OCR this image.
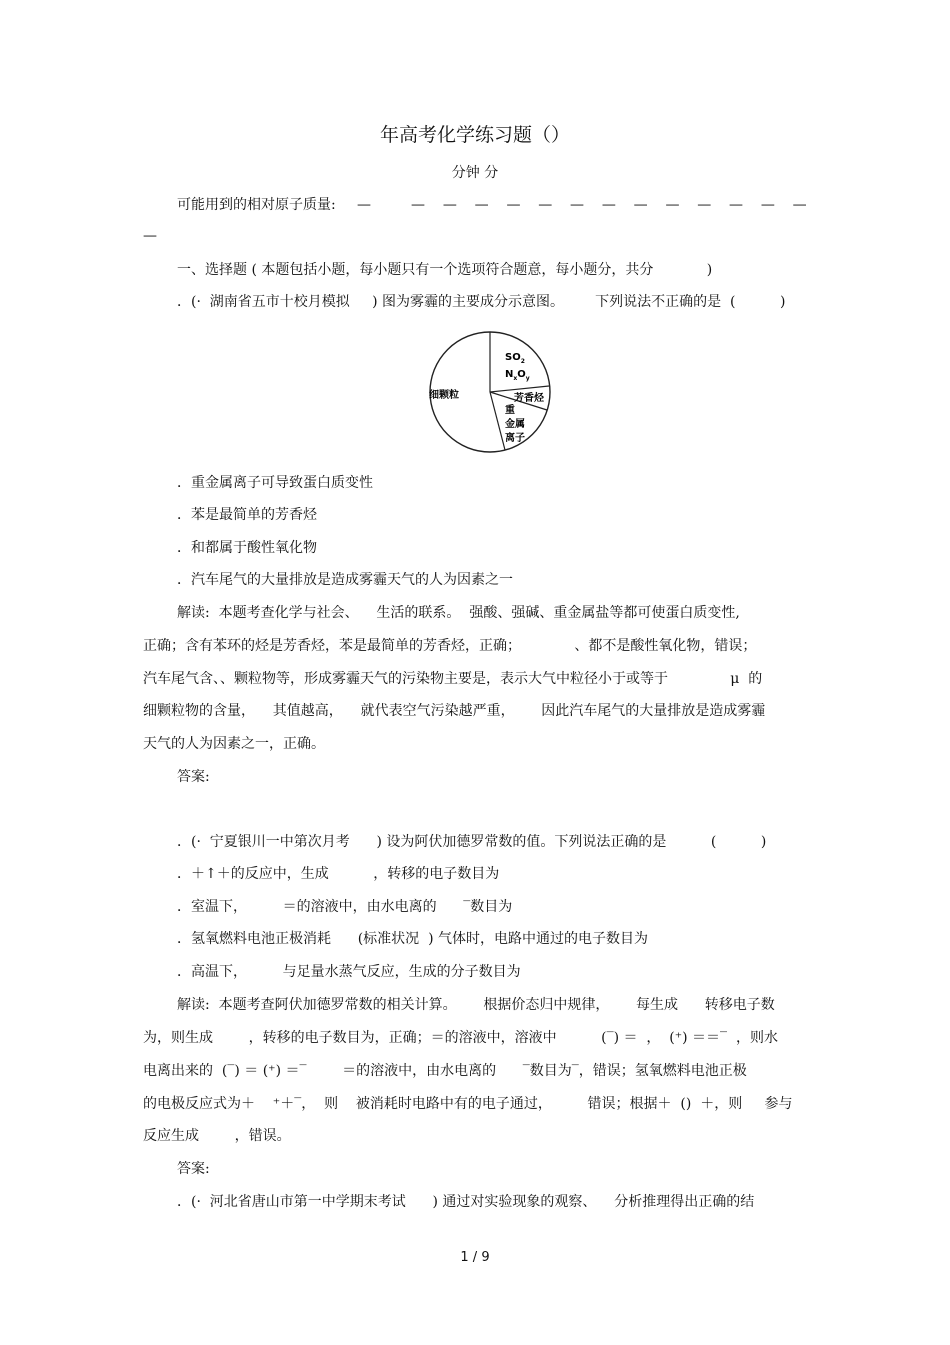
年高考化学练习题（）
分钟 分
可能用到的相对原子质量: —         —    —    —    —    —    —    —    —    —    —    —    —    —
—
一、选择题 ( 本题包括小题，每小题只有一个选项符合题意，每小题分，共分            )
．(·  湖南省五市十校月模拟     ) 图为雾霾的主要成分示意图。       下列说法不正确的是  (          )
$SO_2$
$N_xO_y$
芳香烃
细颗粒
重
金属
离子
．重金属离子可导致蛋白质变性
．苯是最简单的芳香烃
．和都属于酸性氧化物
．汽车尾气的大量排放是造成雾霾天气的人为因素之一
解读:  本题考查化学与社会、    生活的联系。  强酸、强碱、重金属盐等都可使蛋白质变性,
正确；含有苯环的烃是芳香烃，苯是最简单的芳香烃，正确；            、都不是酸性氧化物，错误；
汽车尾气含、、颗粒物等，形成雾霾天气的污染物主要是，表示大气中粒径小于或等于              μ  的
细颗粒物的含量，    其值越高，    就代表空气污染越严重，      因此汽车尾气的大量排放是造成雾霾
天气的人为因素之一，正确。
答案:
．(·  宁夏银川一中第次月考      ) 设为阿伏加德罗常数的值。下列说法正确的是          (          )
．＋↑＋的反应中，生成          ，转移的电子数目为
．室温下，        ＝的溶液中，由水电离的      ‾数目为
．氢氧燃料电池正极消耗      (标准状况  ) 气体时，电路中通过的电子数目为
．高温下，        与足量水蒸气反应，生成的分子数目为
解读:  本题考查阿伏加德罗常数的相关计算。      根据价态归中规律，      每生成      转移电子数
为，则生成        ，转移的电子数目为，正确；＝的溶液中，溶液中          (‾) ＝  ，  (⁺) ＝＝‾  ，则水
电离出来的  (‾) ＝ (⁺) ＝‾        ＝的溶液中，由水电离的      ‾数目为‾，错误；氢氧燃料电池正极
的电极反应式为＋    ⁺＋‾，  则    被消耗时电路中有的电子通过，        错误；根据＋  ()  ＋，则     参与
反应生成        ，错误。
答案:
．(·  河北省唐山市第一中学期末考试      ) 通过对实验现象的观察、    分析推理得出正确的结
1 / 9
